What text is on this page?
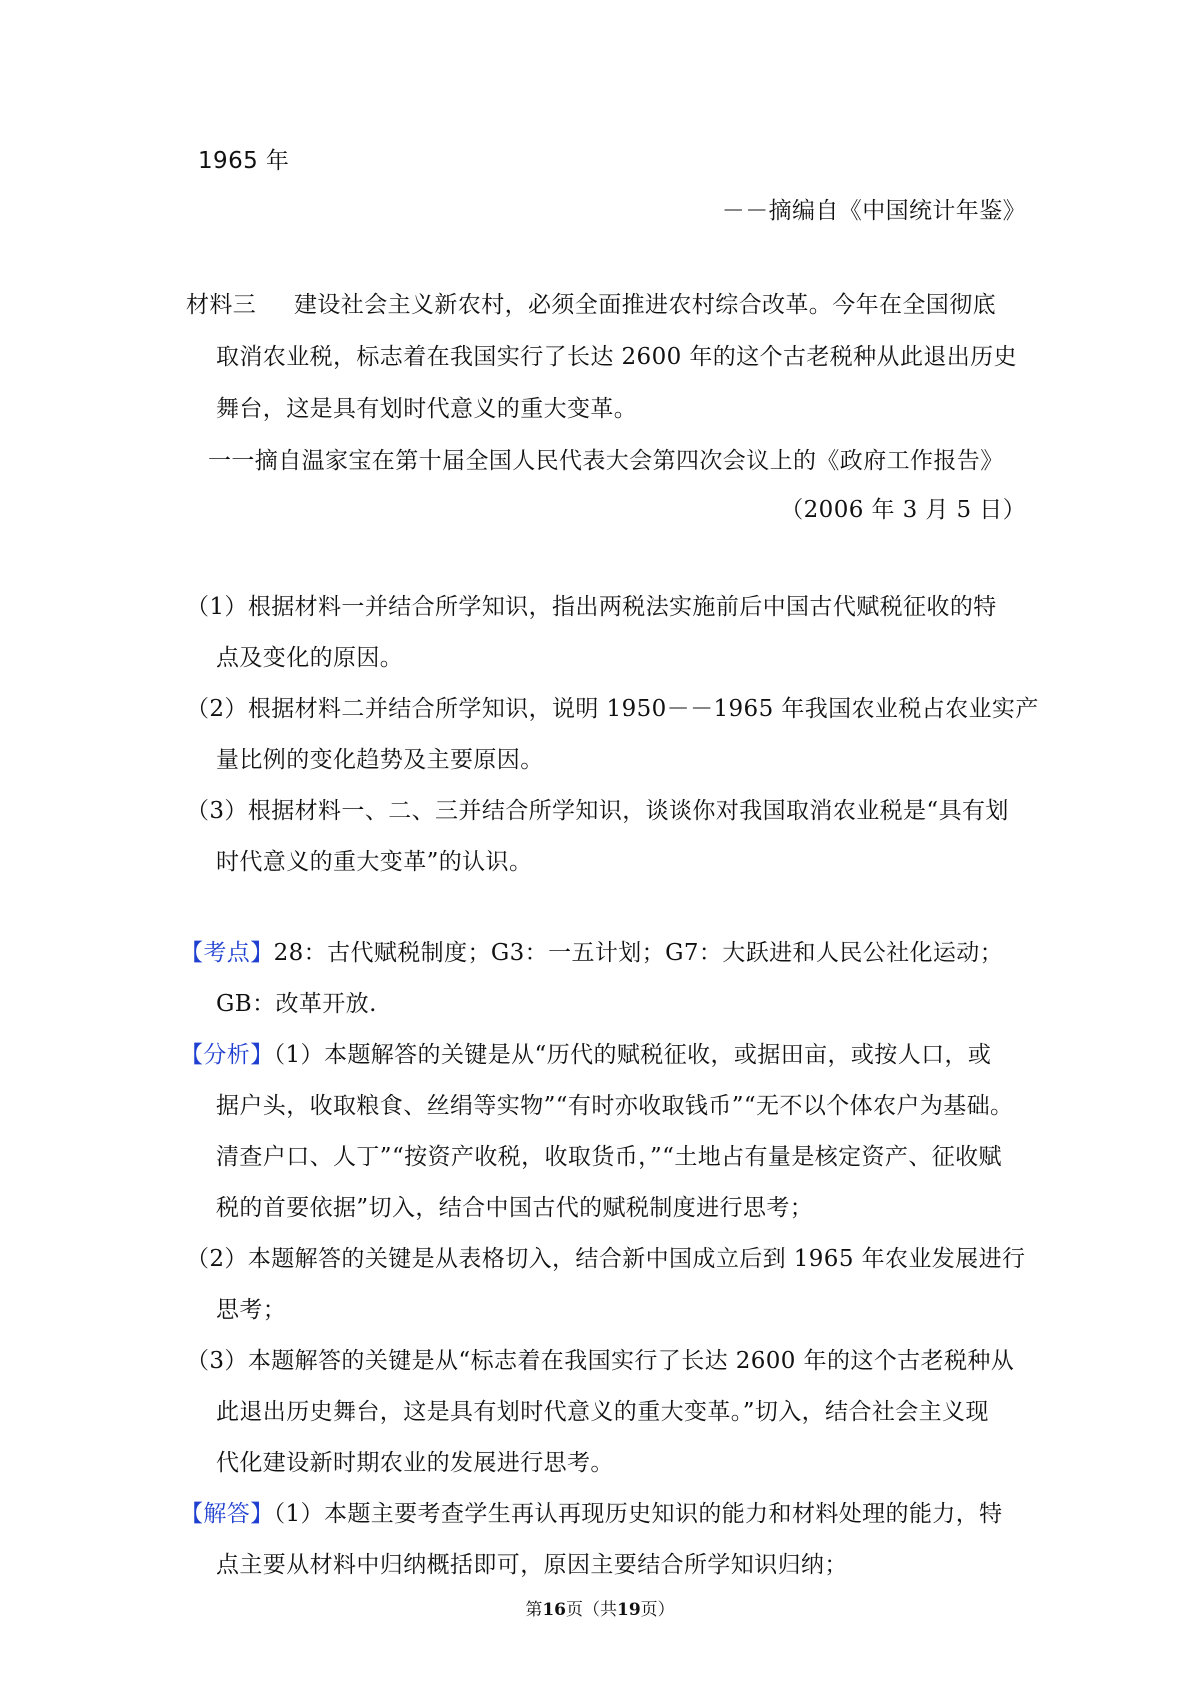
1965 年
－－摘编自《中国统计年鉴》
材料三 建设社会主义新农村，必须全面推进农村综合改革。今年在全国彻底
取消农业税，标志着在我国实行了长达 2600 年的这个古老税种从此退出历史
舞台，这是具有划时代意义的重大变革。
一一摘自温家宝在第十届全国人民代表大会第四次会议上的《政府工作报告》
（2006 年 3 月 5 日）
（1）根据材料一并结合所学知识，指出两税法实施前后中国古代赋税征收的特
点及变化的原因。
（2）根据材料二并结合所学知识，说明 1950－－1965 年我国农业税占农业实产
量比例的变化趋势及主要原因。
（3）根据材料一、二、三并结合所学知识，谈谈你对我国取消农业税是“具有划
时代意义的重大变革”的认识。
【考点】28：古代赋税制度；G3：一五计划；G7：大跃进和人民公社化运动；
GB：改革开放.
【分析】（1）本题解答的关键是从“历代的赋税征收，或据田亩，或按人口，或
据户头，收取粮食、丝绢等实物”“有时亦收取钱币”“无不以个体农户为基础。
清查户口、人丁”“按资产收税，收取货币，”“土地占有量是核定资产、征收赋
税的首要依据”切入，结合中国古代的赋税制度进行思考；
（2）本题解答的关键是从表格切入，结合新中国成立后到 1965 年农业发展进行
思考；
（3）本题解答的关键是从“标志着在我国实行了长达 2600 年的这个古老税种从
此退出历史舞台，这是具有划时代意义的重大变革。”切入，结合社会主义现
代化建设新时期农业的发展进行思考。
【解答】（1）本题主要考查学生再认再现历史知识的能力和材料处理的能力，特
点主要从材料中归纳概括即可，原因主要结合所学知识归纳；
第16页（共19页）
